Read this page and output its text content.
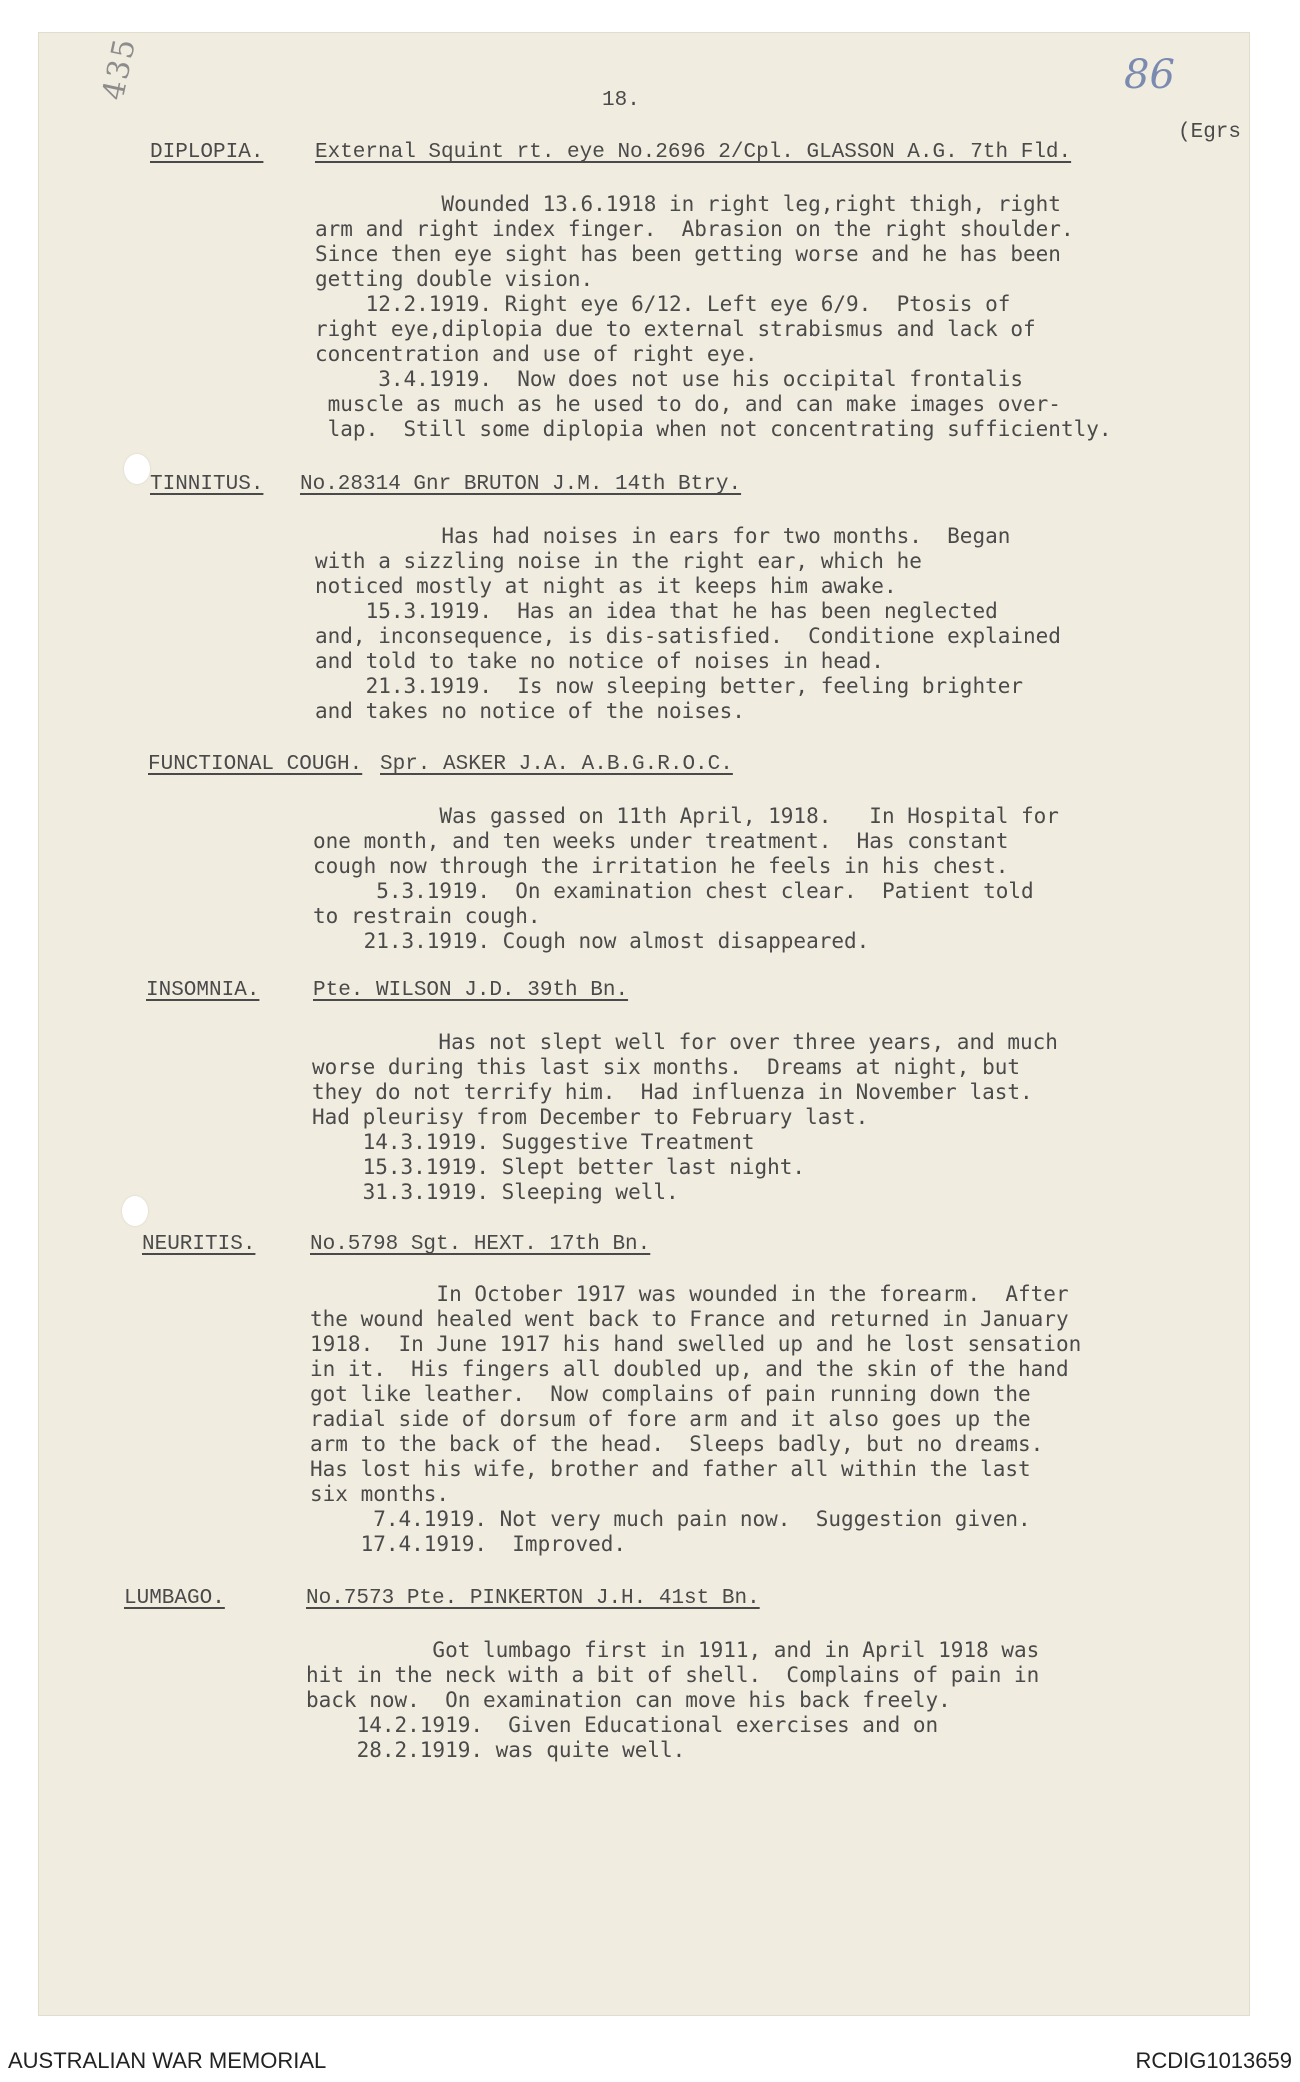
18.
435	86
(Egrs
DIPLOPIA. External Squint rt. eye No.2696 2/Cpl. GLASSON A.G. 7th Fld.
Wounded 13.6.1918 in right leg,right thigh, right
arm and right index finger.  Abrasion on the right shoulder.
Since then eye sight has been getting worse and he has been
getting double vision.
12.2.1919. Right eye 6/12. Left eye 6/9.  Ptosis of
right eye,diplopia due to external strabismus and lack of
concentration and use of right eye.
3.4.1919.  Now does not use his occipital frontalis
muscle as much as he used to do, and can make images over-
lap.  Still some diplopia when not concentrating sufficiently.
TINNITUS. No.28314 Gnr BRUTON J.M. 14th Btry.
Has had noises in ears for two months.  Began
with a sizzling noise in the right ear, which he
noticed mostly at night as it keeps him awake.
15.3.1919.  Has an idea that he has been neglected
and, inconsequence, is dis-satisfied.  Conditione explained
and told to take no notice of noises in head.
21.3.1919.  Is now sleeping better, feeling brighter
and takes no notice of the noises.
FUNCTIONAL COUGH. Spr. ASKER J.A. A.B.G.R.O.C.
Was gassed on 11th April, 1918.   In Hospital for
one month, and ten weeks under treatment.  Has constant
cough now through the irritation he feels in his chest.
5.3.1919.  On examination chest clear.  Patient told
to restrain cough.
21.3.1919. Cough now almost disappeared.
INSOMNIA.	Pte. WILSON J.D. 39th Bn.
Has not slept well for over three years, and much
worse during this last six months.  Dreams at night, but
they do not terrify him.  Had influenza in November last.
Had pleurisy from December to February last.
14.3.1919. Suggestive Treatment
15.3.1919. Slept better last night.
31.3.1919. Sleeping well.
NEURITIS.	No.5798 Sgt. HEXT. 17th Bn.
In October 1917 was wounded in the forearm.  After
the wound healed went back to France and returned in January
1918.  In June 1917 his hand swelled up and he lost sensation
in it.  His fingers all doubled up, and the skin of the hand
got like leather.  Now complains of pain running down the
radial side of dorsum of fore arm and it also goes up the
arm to the back of the head.  Sleeps badly, but no dreams.
Has lost his wife, brother and father all within the last
six months.
7.4.1919. Not very much pain now.  Suggestion given.
17.4.1919.  Improved.
LUMBAGO.	No.7573 Pte. PINKERTON J.H. 41st Bn.
Got lumbago first in 1911, and in April 1918 was
hit in the neck with a bit of shell.  Complains of pain in
back now.  On examination can move his back freely.
14.2.1919.  Given Educational exercises and on
28.2.1919. was quite well.
AUSTRALIAN WAR MEMORIAL	RCDIG1013659
